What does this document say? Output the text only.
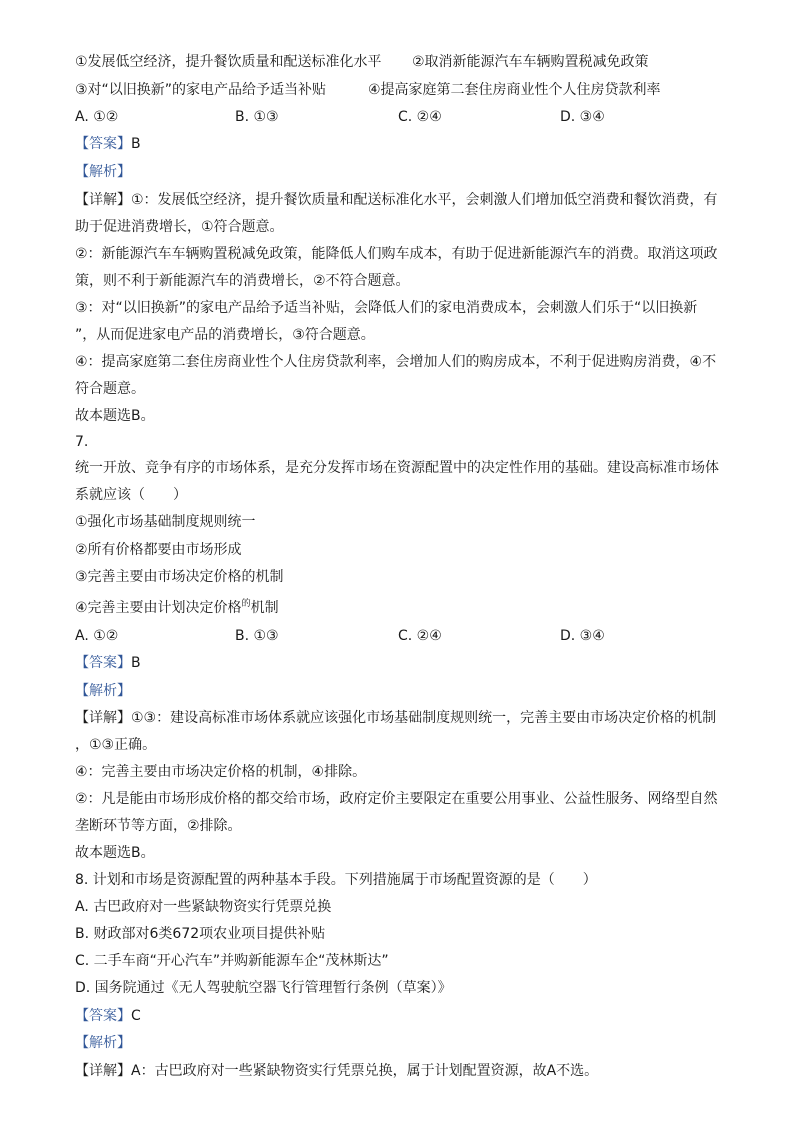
①发展低空经济，提升餐饮质量和配送标准化水平 ②取消新能源汽车车辆购置税减免政策
③对“以旧换新”的家电产品给予适当补贴	④提高家庭第二套住房商业性个人住房贷款利率
A. ①②	B. ①③	C. ②④	D. ③④
【答案】B
【解析】
【详解】①：发展低空经济，提升餐饮质量和配送标准化水平，会刺激人们增加低空消费和餐饮消费，有
助于促进消费增长，①符合题意。
②：新能源汽车车辆购置税减免政策，能降低人们购车成本，有助于促进新能源汽车的消费。取消这项政
策，则不利于新能源汽车的消费增长，②不符合题意。
③：对“以旧换新”的家电产品给予适当补贴，会降低人们的家电消费成本，会刺激人们乐于“以旧换新
”，从而促进家电产品的消费增长，③符合题意。
④：提高家庭第二套住房商业性个人住房贷款利率，会增加人们的购房成本，不利于促进购房消费，④不
符合题意。
故本题选B。
7.
统一开放、竞争有序的市场体系，是充分发挥市场在资源配置中的决定性作用的基础。建设高标准市场体
系就应该（　　）
①强化市场基础制度规则统一
②所有价格都要由市场形成
③完善主要由市场决定价格的机制
④完善主要由计划决定价格$^的$机制
A. ①②	B. ①③	C. ②④	D. ③④
【答案】B
【解析】
【详解】①③：建设高标准市场体系就应该强化市场基础制度规则统一，完善主要由市场决定价格的机制
，①③正确。
④：完善主要由市场决定价格的机制，④排除。
②：凡是能由市场形成价格的都交给市场，政府定价主要限定在重要公用事业、公益性服务、网络型自然
垄断环节等方面，②排除。
故本题选B。
8. 计划和市场是资源配置的两种基本手段。下列措施属于市场配置资源的是（　　）
A. 古巴政府对一些紧缺物资实行凭票兑换
B. 财政部对6类672项农业项目提供补贴
C. 二手车商“开心汽车”并购新能源车企“茂林斯达”
D. 国务院通过《无人驾驶航空器飞行管理暂行条例（草案）》
【答案】C
【解析】
【详解】A：古巴政府对一些紧缺物资实行凭票兑换，属于计划配置资源，故A不选。
